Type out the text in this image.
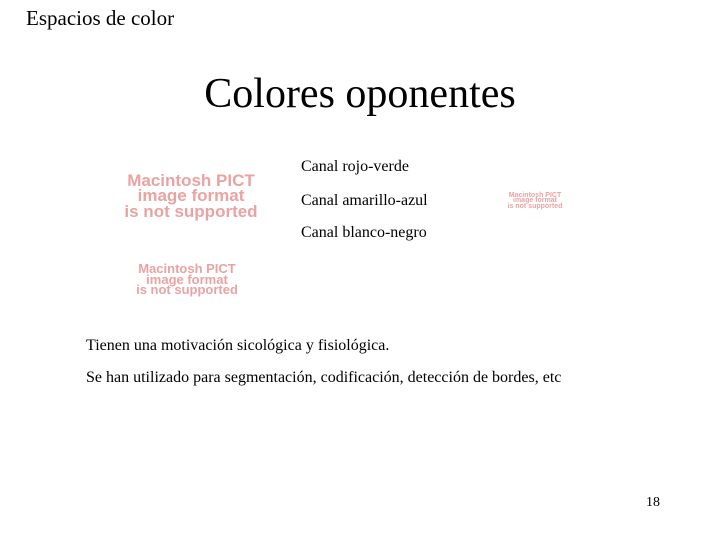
Espacios de color
Colores oponentes
Canal rojo-verde
Canal amarillo-azul
Canal blanco-negro
Macintosh PICT
image format
is not supported
Macintosh PICT
image format
is not supported
Macintosh PICT
image format
is not supported
Tienen una motivación sicológica y fisiológica.
Se han utilizado para segmentación, codificación, detección de bordes, etc
18
